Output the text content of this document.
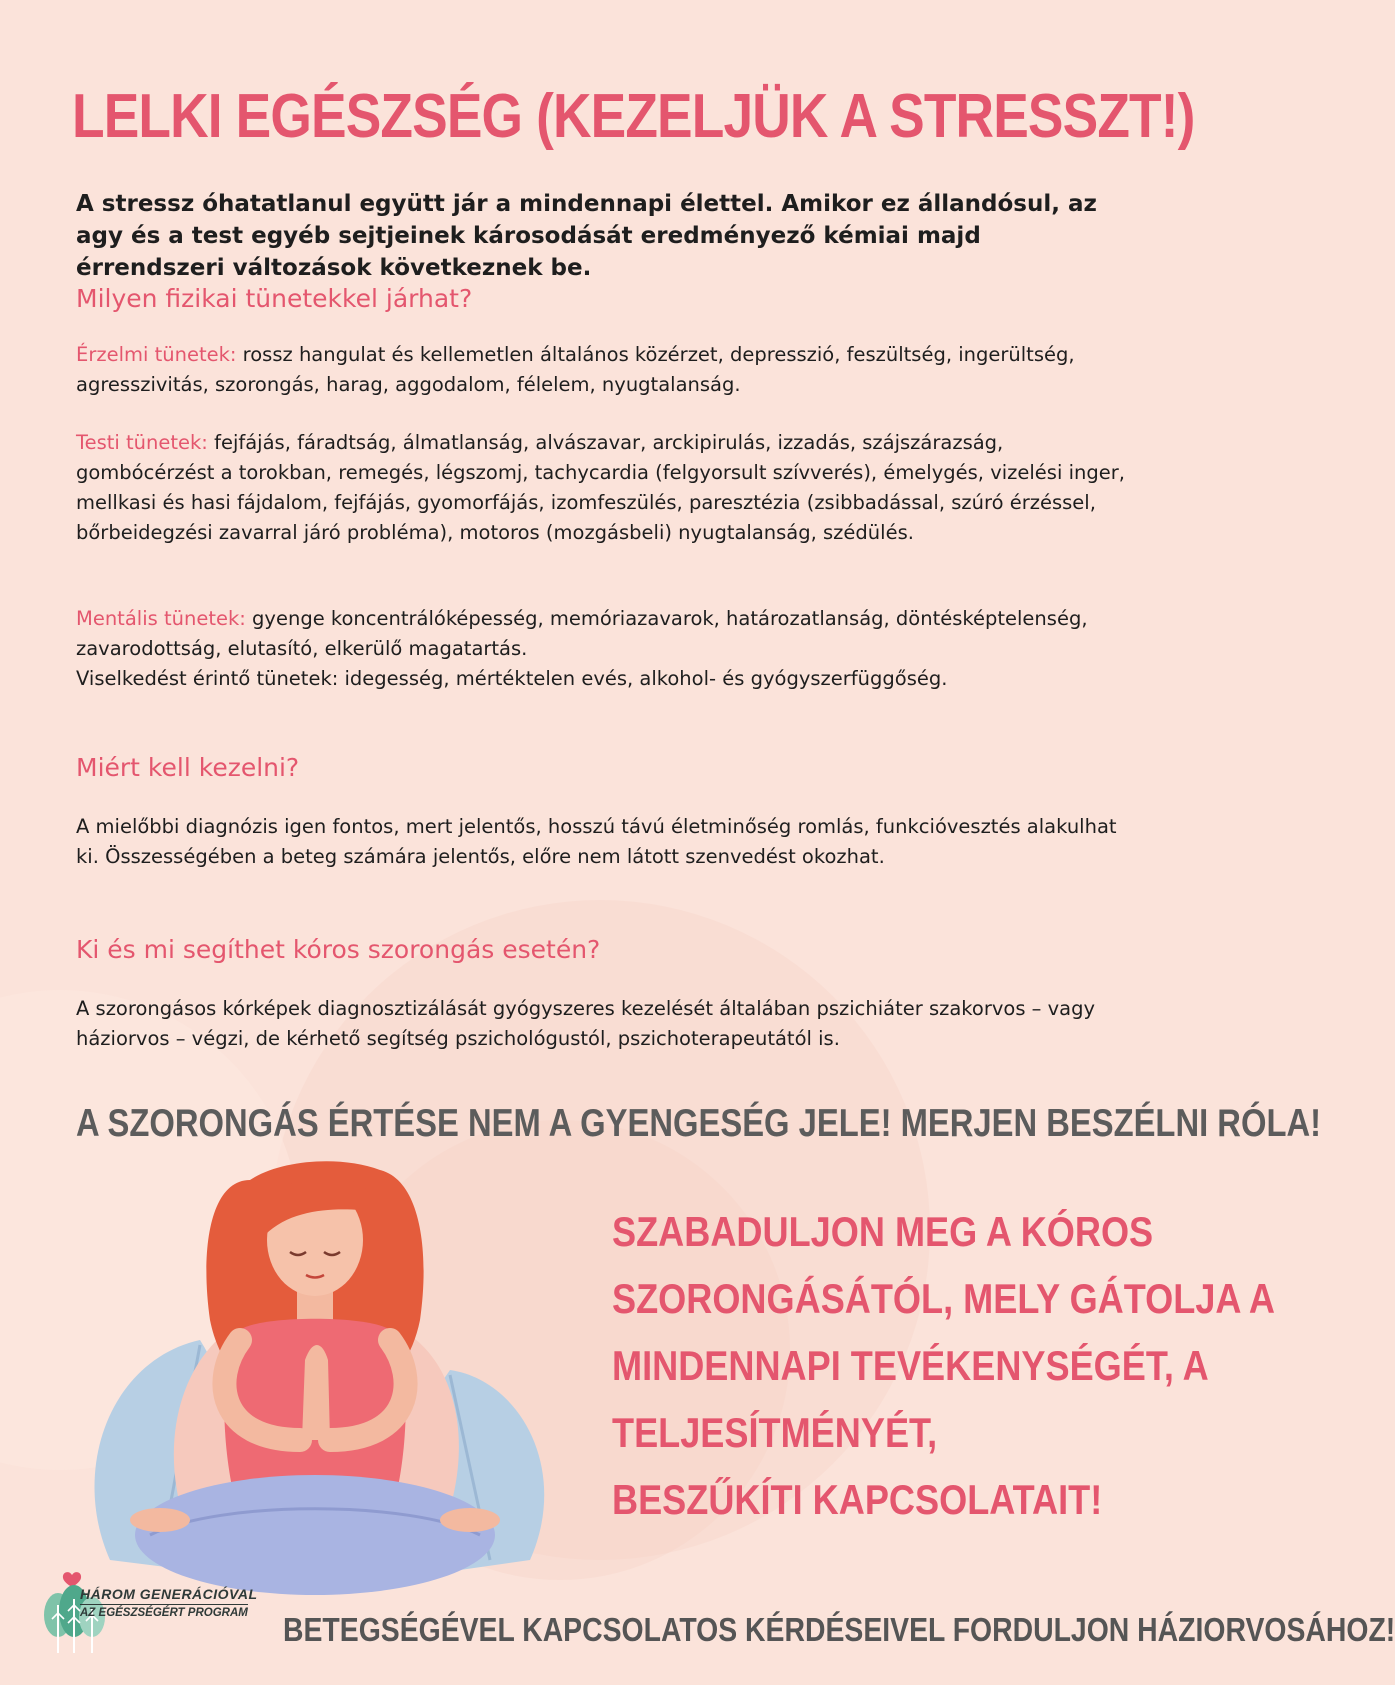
LELKI EGÉSZSÉG (KEZELJÜK A STRESSZT!)
A stressz óhatatlanul együtt jár a mindennapi élettel. Amikor ez állandósul, az agy és a test egyéb sejtjeinek károsodását eredményező kémiai majd érrendszeri változások következnek be.
Milyen fizikai tünetekkel járhat?
Érzelmi tünetek: rossz hangulat és kellemetlen általános közérzet, depresszió, feszültség, ingerültség, agresszivitás, szorongás, harag, aggodalom, félelem, nyugtalanság.
Testi tünetek: fejfájás, fáradtság, álmatlanság, alvászavar, arckipirulás, izzadás, szájszárazság, gombócérzést a torokban, remegés, légszomj, tachycardia (felgyorsult szívverés), émelygés, vizelési inger, mellkasi és hasi fájdalom, fejfájás, gyomorfájás, izomfeszülés, paresztézia (zsibbadással, szúró érzéssel, bőrbeidegzési zavarral járó probléma), motoros (mozgásbeli) nyugtalanság, szédülés.
Mentális tünetek: gyenge koncentrálóképesség, memóriazavarok, határozatlanság, döntésképtelenség, zavarodottság, elutasító, elkerülő magatartás.
Viselkedést érintő tünetek: idegesség, mértéktelen evés, alkohol- és gyógyszerfüggőség.
Miért kell kezelni?
A mielőbbi diagnózis igen fontos, mert jelentős, hosszú távú életminőség romlás, funkcióvesztés alakulhat ki. Összességében a beteg számára jelentős, előre nem látott szenvedést okozhat.
Ki és mi segíthet kóros szorongás esetén?
A szorongásos kórképek diagnosztizálását gyógyszeres kezelését általában pszichiáter szakorvos – vagy háziorvos – végzi, de kérhető segítség pszichológustól, pszichoterapeutától is.
A SZORONGÁS ÉRTÉSE NEM A GYENGESÉG JELE! MERJEN BESZÉLNI RÓLA!
SZABADULJON MEG A KÓROS
SZORONGÁSÁTÓL, MELY GÁTOLJA A
MINDENNAPI TEVÉKENYSÉGÉT, A
TELJESÍTMÉNYÉT,
BESZŰKÍTI KAPCSOLATAIT!
HÁROM GENERÁCIÓVAL
AZ EGÉSZSÉGÉRT PROGRAM	BETEGSÉGÉVEL KAPCSOLATOS KÉRDÉSEIVEL FORDULJON HÁZIORVOSÁHOZ!
